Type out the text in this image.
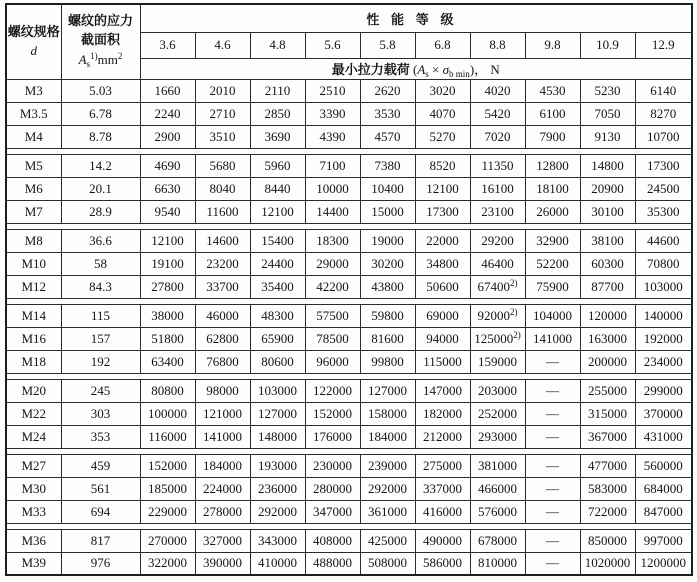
螺纹规格
d

螺纹的应力
截面积
$A_s^{1)}mm^2$
	性能等级
		3.6	4.6	4.8	5.6	5.8	6.8	8.8	9.8	10.9	12.9
		最小拉力载荷 $(A_s \times \sigma_{b min})$， N									
M3	5.03	1660	2010	2110	2510	2620	3020	4020	4530	5230	6140
M3.5	6.78	2240	2710	2850	3390	3530	4070	5420	6100	7050	8270
M4	8.78	2900	3510	3690	4390	4570	5270	7020	7900	9130	10700

M5	14.2	4690	5680	5960	7100	7380	8520	11350	12800	14800	17300
M6	20.1	6630	8040	8440	10000	10400	12100	16100	18100	20900	24500
M7	28.9	9540	11600	12100	14400	15000	17300	23100	26000	30100	35300

M8	36.6	12100	14600	15400	18300	19000	22000	29200	32900	38100	44600
M10	58	19100	23200	24400	29000	30200	34800	46400	52200	60300	70800
M12	84.3	27800	33700	35400	42200	43800	50600	67400$^{2)}$	75900	87700	103000

M14	115	38000	46000	48300	57500	59800	69000	92000$^{2)}$	104000	120000	140000
M16	157	51800	62800	65900	78500	81600	94000	125000$^{2)}$	141000	163000	192000
M18	192	63400	76800	80600	96000	99800	115000	159000	—	200000	234000

M20	245	80800	98000	103000	122000	127000	147000	203000	—	255000	299000
M22	303	100000	121000	127000	152000	158000	182000	252000	—	315000	370000
M24	353	116000	141000	148000	176000	184000	212000	293000	—	367000	431000

M27	459	152000	184000	193000	230000	239000	275000	381000	—	477000	560000
M30	561	185000	224000	236000	280000	292000	337000	466000	—	583000	684000
M33	694	229000	278000	292000	347000	361000	416000	576000	—	722000	847000

M36	817	270000	327000	343000	408000	425000	490000	678000	—	850000	997000
M39	976	322000	390000	410000	488000	508000	586000	810000	—	1020000	1200000
